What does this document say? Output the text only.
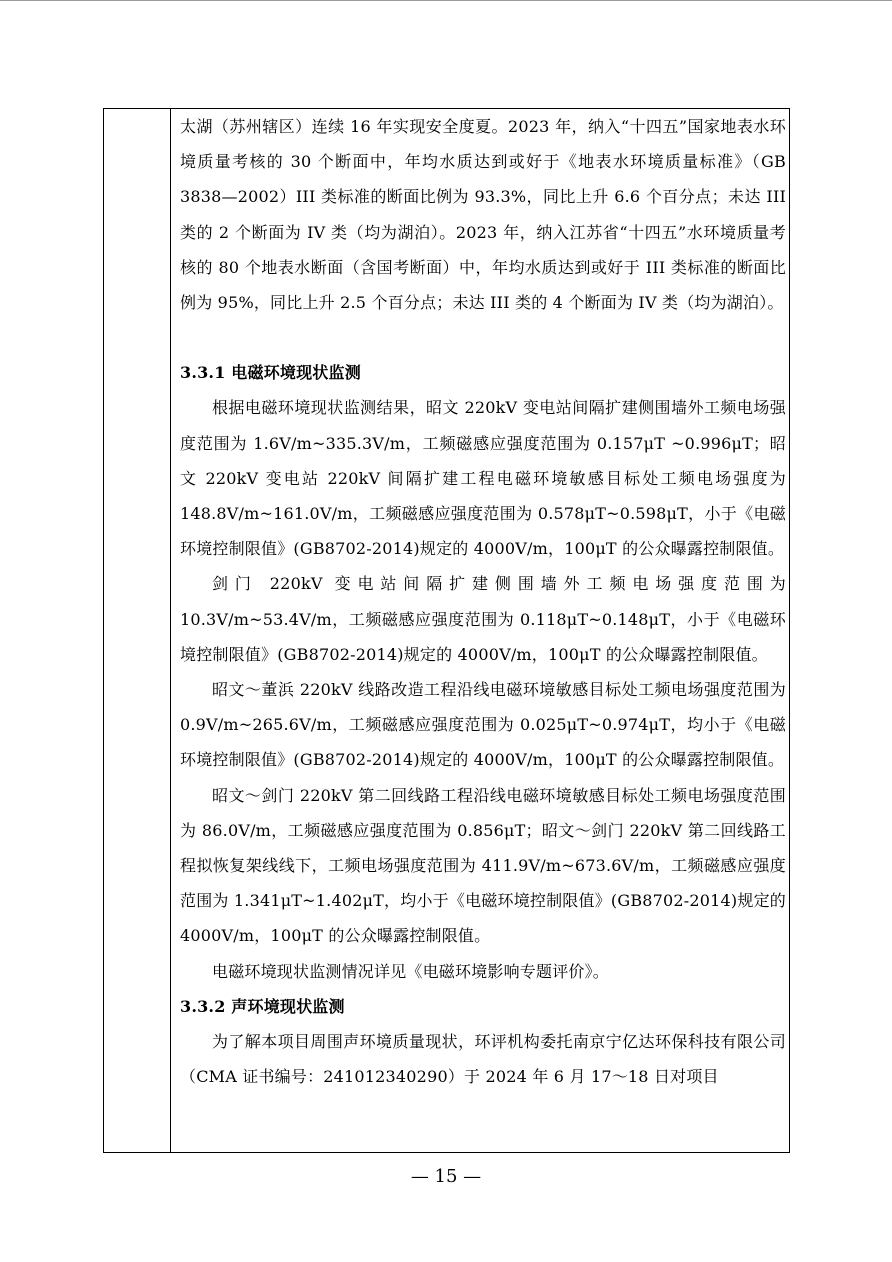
太湖（苏州辖区）连续 16 年实现安全度夏。2023 年，纳入“十四五”国家地表水环境质量考核的 30 个断面中，年均水质达到或好于《地表水环境质量标准》（GB 3838—2002）III 类标准的断面比例为 93.3%，同比上升 6.6 个百分点；未达 III 类的 2 个断面为 IV 类（均为湖泊）。2023 年，纳入江苏省“十四五”水环境质量考核的 80 个地表水断面（含国考断面）中，年均水质达到或好于 III 类标准的断面比例为 95%，同比上升 2.5 个百分点；未达 III 类的 4 个断面为 IV 类（均为湖泊）。

3.3.1 电磁环境现状监测

根据电磁环境现状监测结果，昭文 220kV 变电站间隔扩建侧围墙外工频电场强度范围为 1.6V/m~335.3V/m，工频磁感应强度范围为 0.157μT ~0.996μT；昭文 220kV 变电站 220kV 间隔扩建工程电磁环境敏感目标处工频电场强度为 148.8V/m~161.0V/m，工频磁感应强度范围为 0.578μT~0.598μT，小于《电磁环境控制限值》(GB8702-2014)规定的 4000V/m，100μT 的公众曝露控制限值。

剑门 220kV 变电站间隔扩建侧围墙外工频电场强度范围为 10.3V/m~53.4V/m，工频磁感应强度范围为 0.118μT~0.148μT，小于《电磁环境控制限值》(GB8702-2014)规定的 4000V/m，100μT 的公众曝露控制限值。

昭文～董浜 220kV 线路改造工程沿线电磁环境敏感目标处工频电场强度范围为 0.9V/m~265.6V/m，工频磁感应强度范围为 0.025μT~0.974μT，均小于《电磁环境控制限值》(GB8702-2014)规定的 4000V/m，100μT 的公众曝露控制限值。

昭文～剑门 220kV 第二回线路工程沿线电磁环境敏感目标处工频电场强度范围为 86.0V/m，工频磁感应强度范围为 0.856μT；昭文～剑门 220kV 第二回线路工程拟恢复架线线下，工频电场强度范围为 411.9V/m~673.6V/m，工频磁感应强度范围为 1.341μT~1.402μT，均小于《电磁环境控制限值》(GB8702-2014)规定的 4000V/m，100μT 的公众曝露控制限值。

电磁环境现状监测情况详见《电磁环境影响专题评价》。

3.3.2 声环境现状监测

为了解本项目周围声环境质量现状，环评机构委托南京宁亿达环保科技有限公司（CMA 证书编号：241012340290）于 2024 年 6 月 17～18 日对项目

— 15 —
